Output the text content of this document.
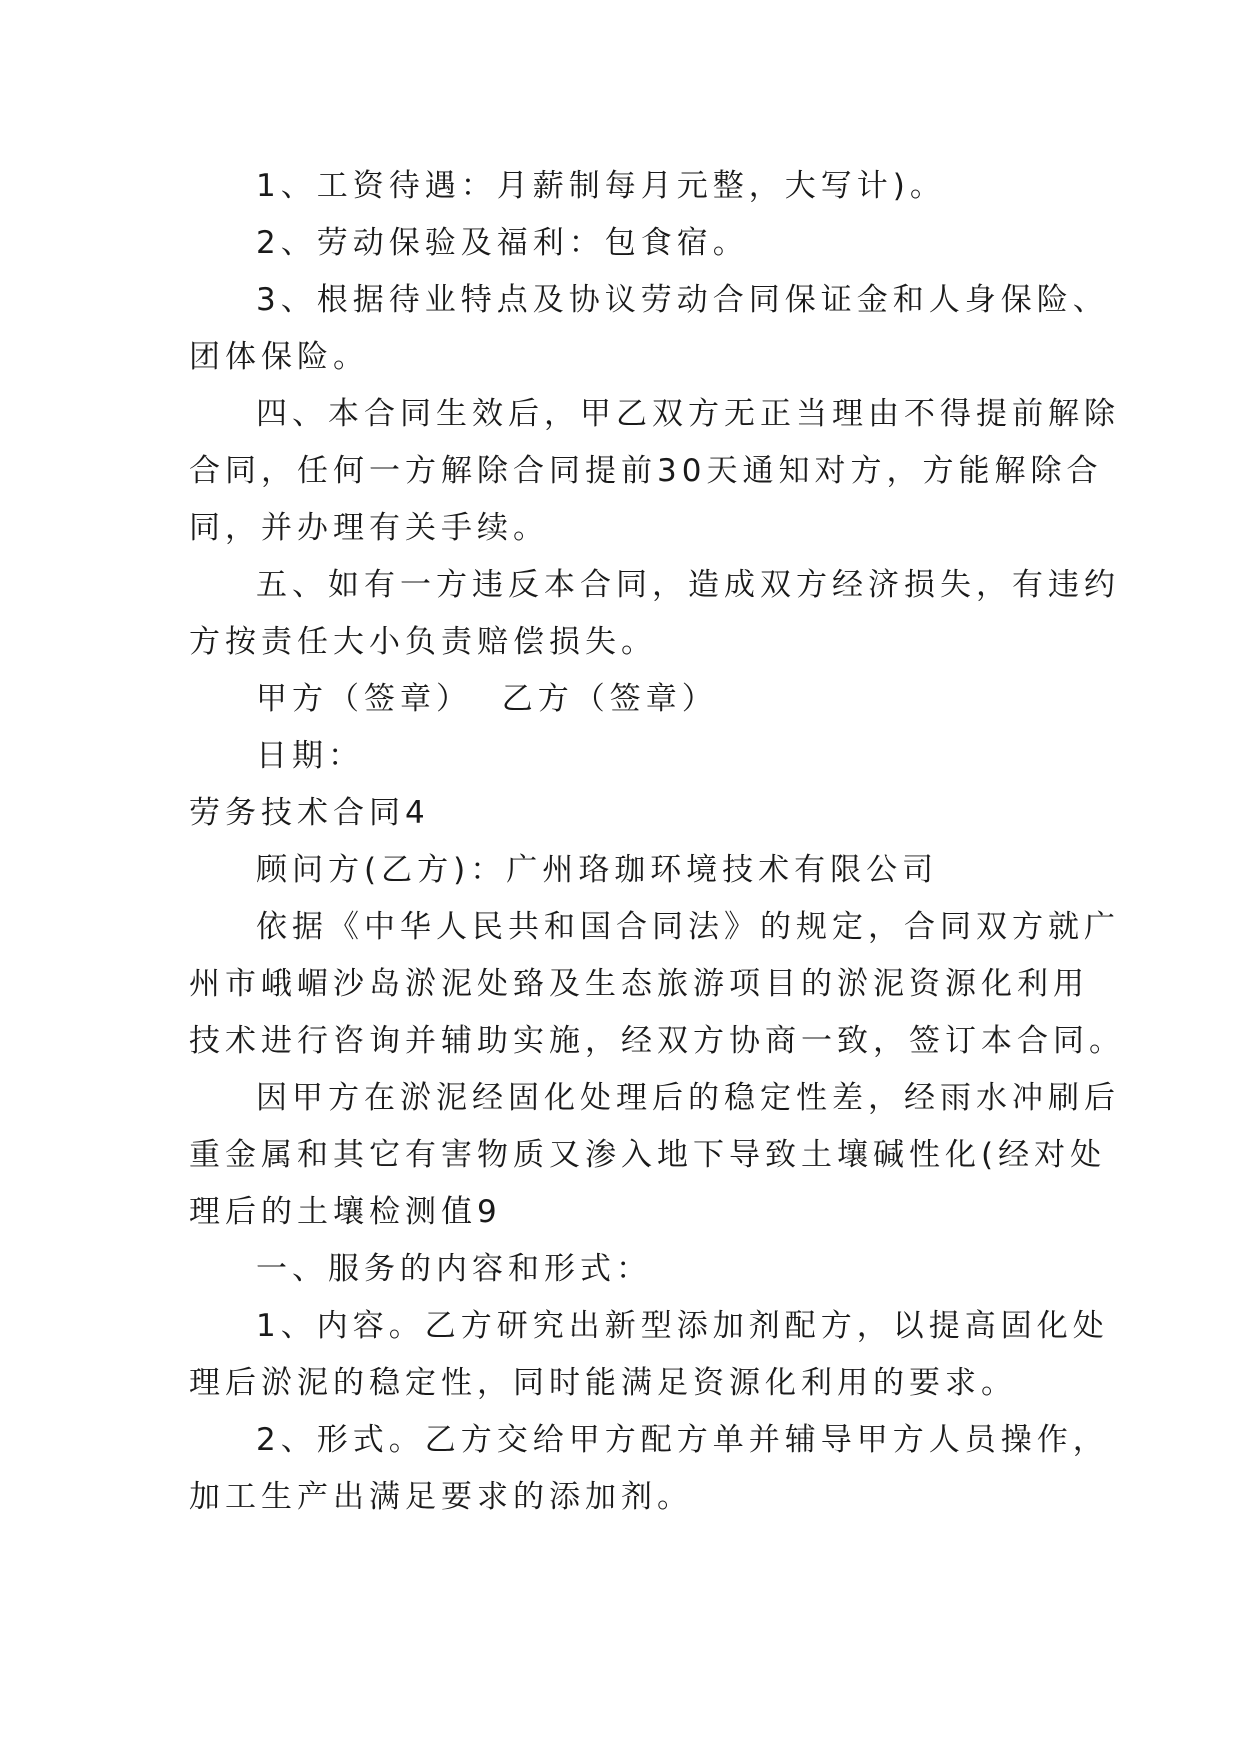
1、工资待遇：月薪制每月元整，大写计)。
2、劳动保验及福利：包食宿。
3、根据待业特点及协议劳动合同保证金和人身保险、
团体保险。
四、本合同生效后，甲乙双方无正当理由不得提前解除
合同，任何一方解除合同提前30天通知对方，方能解除合
同，并办理有关手续。
五、如有一方违反本合同，造成双方经济损失，有违约
方按责任大小负责赔偿损失。
甲方（签章）  乙方（签章）
日期：
劳务技术合同4
顾问方(乙方)：广州珞珈环境技术有限公司
依据《中华人民共和国合同法》的规定，合同双方就广
州市峨嵋沙岛淤泥处臵及生态旅游项目的淤泥资源化利用
技术进行咨询并辅助实施，经双方协商一致，签订本合同。
因甲方在淤泥经固化处理后的稳定性差，经雨水冲刷后
重金属和其它有害物质又渗入地下导致土壤碱性化(经对处
理后的土壤检测值9
一、服务的内容和形式：
1、内容。乙方研究出新型添加剂配方，以提高固化处
理后淤泥的稳定性，同时能满足资源化利用的要求。
2、形式。乙方交给甲方配方单并辅导甲方人员操作，
加工生产出满足要求的添加剂。
